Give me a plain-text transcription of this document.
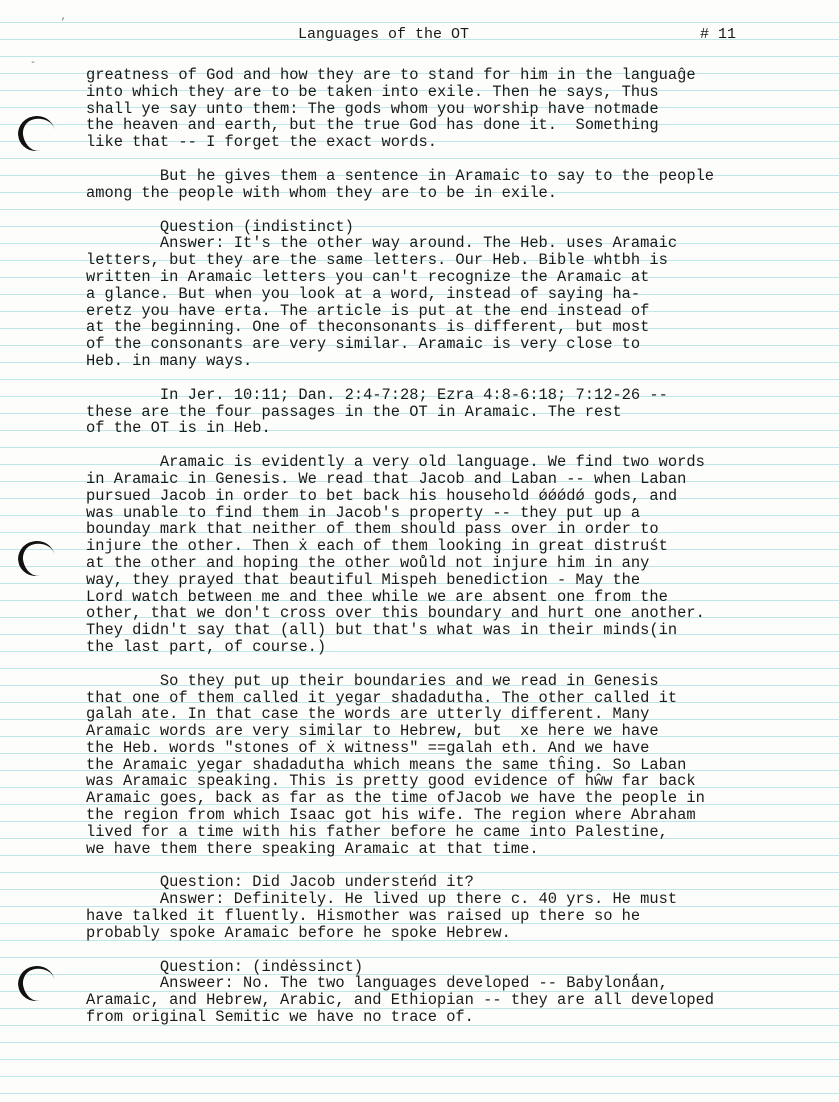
’
-

Languages of the OT	# 11

greatness of God and how they are to stand for him in the languaĝe
into which they are to be taken into exile. Then he says, Thus
shall ye say unto them: The gods whom you worship have notmade
the heaven and earth, but the true God has done it.  Something
like that -- I forget the exact words.

But he gives them a sentence in Aramaic to say to the people
among the people with whom they are to be in exile.

Question (indistinct)

Answer: It's the other way around. The Heb. uses Aramaic
letters, but they are the same letters. Our Heb. Bible whtbh is
written in Aramaic letters you can't recognize the Aramaic at
a glance. But when you look at a word, instead of saying ha-
eretz you have erta. The article is put at the end instead of
at the beginning. One of theconsonants is different, but most
of the consonants are very similar. Aramaic is very close to
Heb. in many ways.

In Jer. 10:11; Dan. 2:4-7:28; Ezra 4:8-6:18; 7:12-26 --
these are the four passages in the OT in Aramaic. The rest
of the OT is in Heb.

Aramaic is evidently a very old language. We find two words
in Aramaic in Genesis. We read that Jacob and Laban -- when Laban
pursued Jacob in order to bet back his household ǿǿǿdǿ gods, and
was unable to find them in Jacob's property -- they put up a
bounday mark that neither of them should pass over in order to
injure the other. Then ẋ each of them looking in great distruśt
at the other and hoping the other woůld not injure him in any
way, they prayed that beautiful Mispeh benediction - May the
Lord watch between me and thee while we are absent one from the
other, that we don't cross over this boundary and hurt one another.
They didn't say that (all) but that's what was in their minds(in
the last part, of course.)

So they put up their boundaries and we read in Genesis
that one of them called it yegar shadadutha. The other called it
galah ate. In that case the words are utterly different. Many
Aramaic words are very similar to Hebrew, but  xe here we have
the Heb. words "stones of ẋ witness" ==galah eth. And we have
the Aramaic yegar shadadutha which means the same tĥing. So Laban
was Aramaic speaking. This is pretty good evidence of hŵw far back
Aramaic goes, back as far as the time ofJacob we have the people in
the region from which Isaac got his wife. The region where Abraham
lived for a time with his father before he came into Palestine,
we have them there speaking Aramaic at that time.

Question: Did Jacob understeńd it?

Answer: Definitely. He lived up there c. 40 yrs. He must
have talked it fluently. Hismother was raised up there so he
probably spoke Aramaic before he spoke Hebrew.

Question: (indėssinct)

Answeer: No. The two languages developed -- Babylonǻan,
Aramaic, and Hebrew, Arabic, and Ethiopian -- they are all developed
from original Semitic we have no trace of.
